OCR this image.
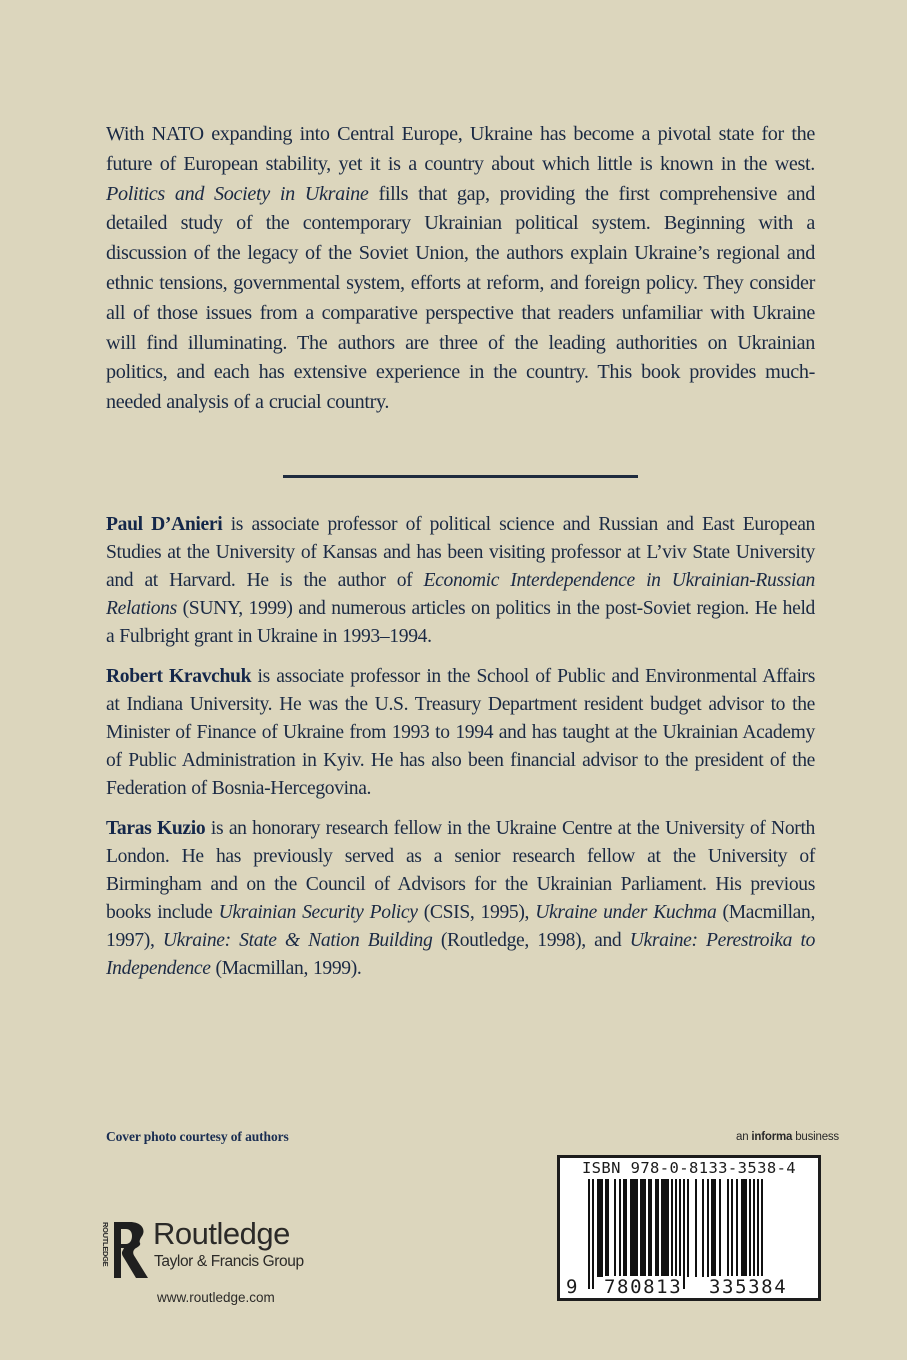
With NATO expanding into Central Europe, Ukraine has become a pivotal state for the future of European stability, yet it is a country about which little is known in the west. Politics and Society in Ukraine fills that gap, providing the first comprehensive and detailed study of the contemporary Ukrainian political system. Beginning with a discussion of the legacy of the Soviet Union, the authors explain Ukraine’s regional and ethnic tensions, governmental system, efforts at reform, and foreign policy. They consider all of those issues from a comparative perspective that readers unfamiliar with Ukraine will find illuminating. The authors are three of the leading authorities on Ukrainian politics, and each has extensive experience in the country. This book provides much-needed analysis of a crucial country.

Paul D’Anieri is associate professor of political science and Russian and East European Studies at the University of Kansas and has been visiting professor at L’viv State University and at Harvard. He is the author of Economic Interdependence in Ukrainian-Russian Relations (SUNY, 1999) and numerous articles on politics in the post-Soviet region. He held a Fulbright grant in Ukraine in 1993–1994.

Robert Kravchuk is associate professor in the School of Public and Environmental Affairs at Indiana University. He was the U.S. Treasury Department resident budget advisor to the Minister of Finance of Ukraine from 1993 to 1994 and has taught at the Ukrainian Academy of Public Administration in Kyiv. He has also been financial advisor to the president of the Federation of Bosnia-Hercegovina.

Taras Kuzio is an honorary research fellow in the Ukraine Centre at the University of North London. He has previously served as a senior research fellow at the University of Birmingham and on the Council of Advisors for the Ukrainian Parliament. His previous books include Ukrainian Security Policy (CSIS, 1995), Ukraine under Kuchma (Macmillan, 1997), Ukraine: State & Nation Building (Routledge, 1998), and Ukraine: Perestroika to Independence (Macmillan, 1999).

Cover photo courtesy of authors	an informa business
ROUTLEDGE Routledge
Taylor & Francis Group
www.routledge.com
ISBN 978-0-8133-3538-4
9 780813 335384
